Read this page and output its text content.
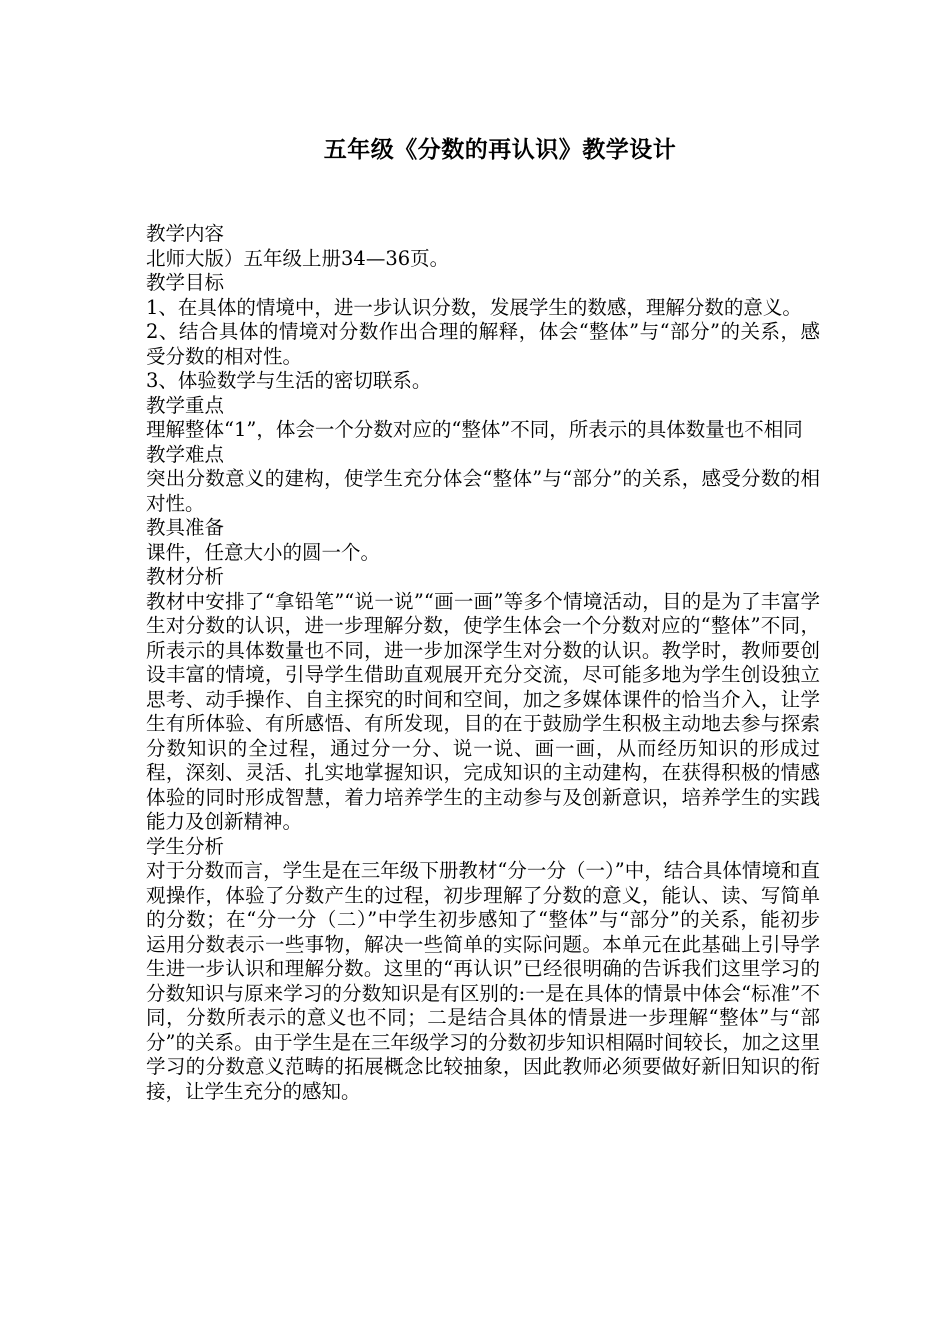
五年级《分数的再认识》教学设计

教学内容

北师大版）五年级上册34—36页。

教学目标

1、在具体的情境中，进一步认识分数，发展学生的数感，理解分数的意义。

2、结合具体的情境对分数作出合理的解释，体会“整体”与“部分”的关系，感受分数的相对性。

3、体验数学与生活的密切联系。

教学重点

理解整体“1”，体会一个分数对应的“整体”不同，所表示的具体数量也不相同

教学难点

突出分数意义的建构，使学生充分体会“整体”与“部分”的关系，感受分数的相对性。

教具准备

课件，任意大小的圆一个。

教材分析

教材中安排了“拿铅笔”“说一说”“画一画”等多个情境活动，目的是为了丰富学生对分数的认识，进一步理解分数，使学生体会一个分数对应的“整体”不同，所表示的具体数量也不同，进一步加深学生对分数的认识。教学时，教师要创设丰富的情境，引导学生借助直观展开充分交流，尽可能多地为学生创设独立思考、动手操作、自主探究的时间和空间，加之多媒体课件的恰当介入，让学生有所体验、有所感悟、有所发现，目的在于鼓励学生积极主动地去参与探索分数知识的全过程，通过分一分、说一说、画一画，从而经历知识的形成过程，深刻、灵活、扎实地掌握知识，完成知识的主动建构，在获得积极的情感体验的同时形成智慧，着力培养学生的主动参与及创新意识，培养学生的实践能力及创新精神。

学生分析

对于分数而言，学生是在三年级下册教材“分一分（一）”中，结合具体情境和直观操作，体验了分数产生的过程，初步理解了分数的意义，能认、读、写简单的分数；在“分一分（二）”中学生初步感知了“整体”与“部分”的关系，能初步运用分数表示一些事物，解决一些简单的实际问题。本单元在此基础上引导学生进一步认识和理解分数。这里的“再认识”已经很明确的告诉我们这里学习的分数知识与原来学习的分数知识是有区别的:一是在具体的情景中体会“标准”不同，分数所表示的意义也不同；二是结合具体的情景进一步理解“整体”与“部分”的关系。由于学生是在三年级学习的分数初步知识相隔时间较长，加之这里学习的分数意义范畴的拓展概念比较抽象，因此教师必须要做好新旧知识的衔接，让学生充分的感知。
